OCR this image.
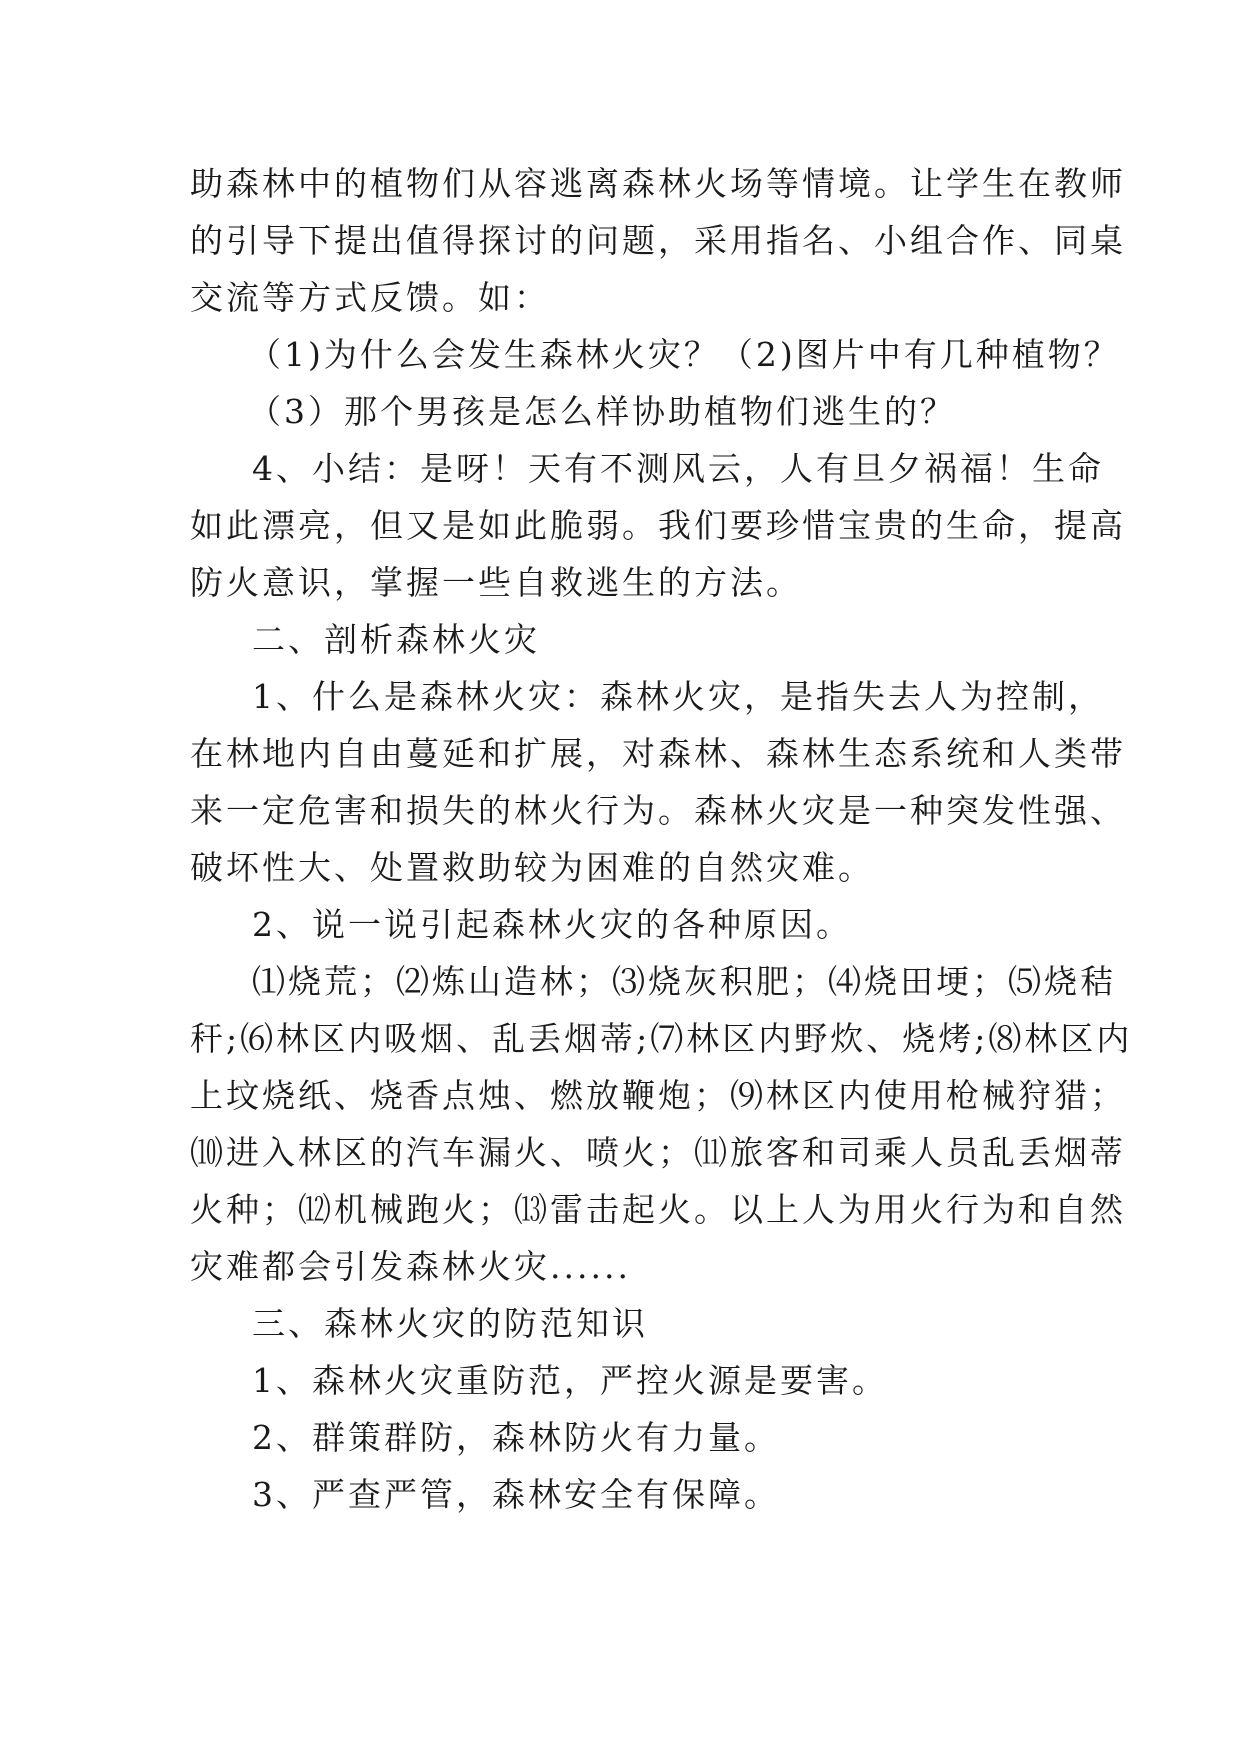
助森林中的植物们从容逃离森林火场等情境。让学生在教师
的引导下提出值得探讨的问题，采用指名、小组合作、同桌
交流等方式反馈。如：
（1)为什么会发生森林火灾？（2)图片中有几种植物？
（3）那个男孩是怎么样协助植物们逃生的？
4、小结：是呀！天有不测风云，人有旦夕祸福！生命
如此漂亮，但又是如此脆弱。我们要珍惜宝贵的生命，提高
防火意识，掌握一些自救逃生的方法。
二、剖析森林火灾
1、什么是森林火灾：森林火灾，是指失去人为控制，
在林地内自由蔓延和扩展，对森林、森林生态系统和人类带
来一定危害和损失的林火行为。森林火灾是一种突发性强、
破坏性大、处置救助较为困难的自然灾难。
2、说一说引起森林火灾的各种原因。
⑴烧荒；⑵炼山造林；⑶烧灰积肥；⑷烧田埂；⑸烧秸
秆;⑹林区内吸烟、乱丢烟蒂;⑺林区内野炊、烧烤;⑻林区内
上坟烧纸、烧香点烛、燃放鞭炮；⑼林区内使用枪械狩猎；
⑽进入林区的汽车漏火、喷火；⑾旅客和司乘人员乱丢烟蒂
火种；⑿机械跑火；⒀雷击起火。以上人为用火行为和自然
灾难都会引发森林火灾......
三、森林火灾的防范知识
1、森林火灾重防范，严控火源是要害。
2、群策群防，森林防火有力量。
3、严查严管，森林安全有保障。
